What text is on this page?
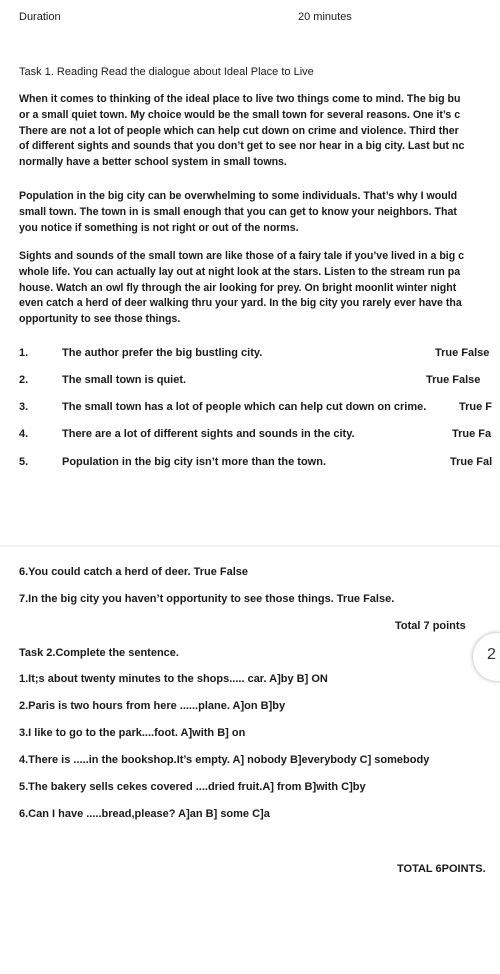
Duration	20 minutes
Task 1. Reading Read the dialogue about Ideal Place to Live
When it comes to thinking of the ideal place to live two things come to mind. The big bu
or a small quiet town. My choice would be the small town for several reasons. One it’s c
There are not a lot of people which can help cut down on crime and violence. Third ther
of different sights and sounds that you don’t get to see nor hear in a big city. Last but nc
normally have a better school system in small towns.
Population in the big city can be overwhelming to some individuals. That’s why I would
small town. The town in is small enough that you can get to know your neighbors. That
you notice if something is not right or out of the norms.
Sights and sounds of the small town are like those of a fairy tale if you’ve lived in a big c
whole life. You can actually lay out at night look at the stars. Listen to the stream run pa
house. Watch an owl fly through the air looking for prey. On bright moonlit winter night
even catch a herd of deer walking thru your yard. In the big city you rarely ever have tha
opportunity to see those things.
1.	The author prefer the big bustling city.	True False
2.	The small town is quiet.	True False
3.	The small town has a lot of people which can help cut down on crime.	True F
4.	There are a lot of different sights and sounds in the city.	True Fa
5.	Population in the big city isn’t more than the town.	True Fal
6.You could catch a herd of deer. True False
7.In the big city you haven’t opportunity to see those things. True False.
Total 7 points
2
Task 2.Complete the sentence.
1.It;s about twenty minutes to the shops..... car. A]by B] ON
2.Paris is two hours from here ......plane. A]on B]by
3.I like to go to the park....foot. A]with B] on
4.There is .....in the bookshop.It’s empty. A] nobody B]everybody C] somebody
5.The bakery sells cekes covered ....dried fruit.A] from B]with C]by
6.Can I have .....bread,please? A]an B] some C]a
TOTAL 6POINTS.
